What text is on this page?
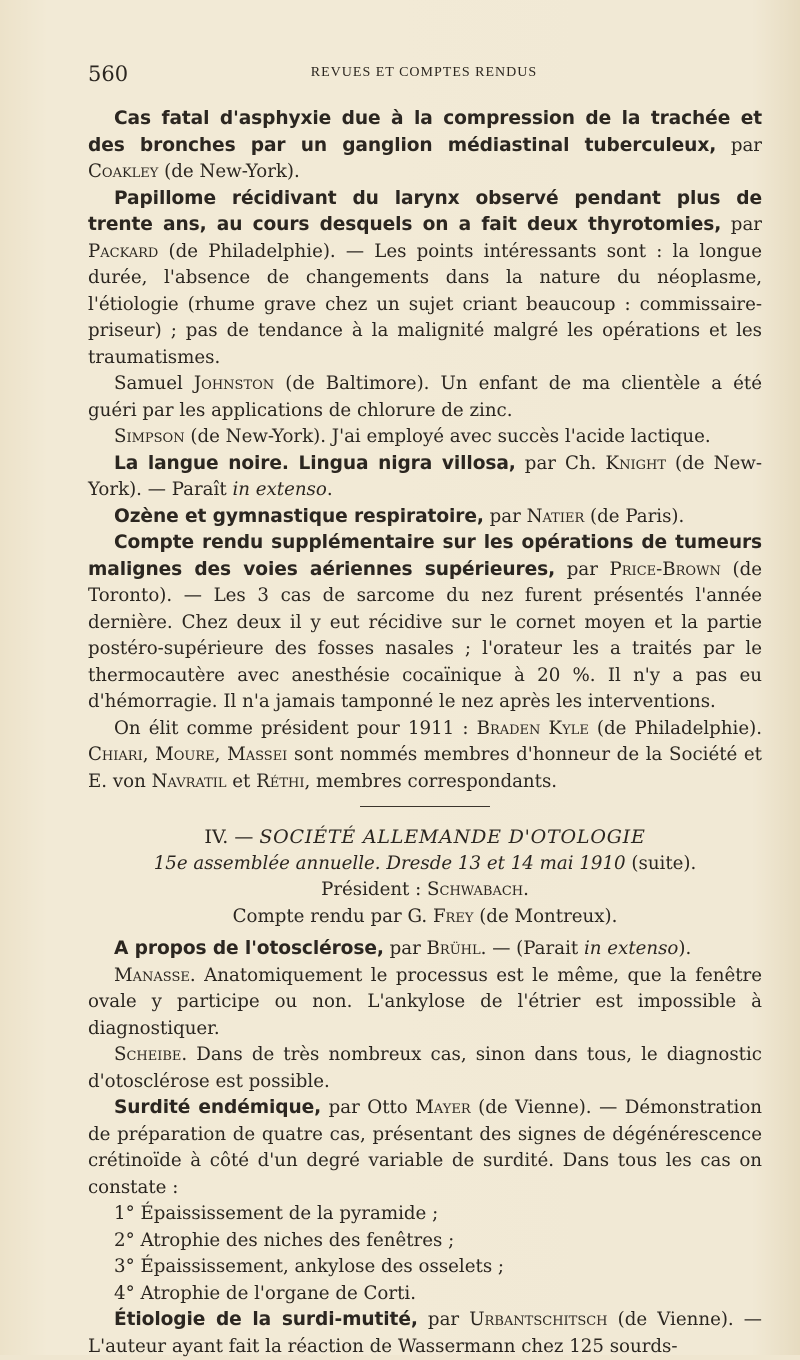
560	REVUES ET COMPTES RENDUS

Cas fatal d'asphyxie due à la compression de la trachée et des bronches par un ganglion médiastinal tuberculeux, par Coakley (de New-York).

Papillome récidivant du larynx observé pendant plus de trente ans, au cours desquels on a fait deux thyrotomies, par Packard (de Philadelphie). — Les points intéressants sont : la longue durée, l'absence de changements dans la nature du néoplasme, l'étiologie (rhume grave chez un sujet criant beaucoup : commissaire-priseur) ; pas de tendance à la malignité malgré les opérations et les traumatismes.

Samuel Johnston (de Baltimore). Un enfant de ma clientèle a été guéri par les applications de chlorure de zinc.

Simpson (de New-York). J'ai employé avec succès l'acide lactique.

La langue noire. Lingua nigra villosa, par Ch. Knight (de New-York). — Paraît in extenso.

Ozène et gymnastique respiratoire, par Natier (de Paris).

Compte rendu supplémentaire sur les opérations de tumeurs malignes des voies aériennes supérieures, par Price-Brown (de Toronto). — Les 3 cas de sarcome du nez furent présentés l'année dernière. Chez deux il y eut récidive sur le cornet moyen et la partie postéro-supérieure des fosses nasales ; l'orateur les a traités par le thermocautère avec anesthésie cocaïnique à 20 %. Il n'y a pas eu d'hémorragie. Il n'a jamais tamponné le nez après les interventions.

On élit comme président pour 1911 : Braden Kyle (de Philadelphie). Chiari, Moure, Massei sont nommés membres d'honneur de la Société et E. von Navratil et Réthi, membres correspondants.

IV. — SOCIÉTÉ ALLEMANDE D'OTOLOGIE

15e assemblée annuelle. Dresde 13 et 14 mai 1910 (suite).

Président : Schwabach.

Compte rendu par G. Frey (de Montreux).

A propos de l'otosclérose, par Brühl. — (Parait in extenso).

Manasse. Anatomiquement le processus est le même, que la fenêtre ovale y participe ou non. L'ankylose de l'étrier est impossible à diagnostiquer.

Scheibe. Dans de très nombreux cas, sinon dans tous, le diagnostic d'otosclérose est possible.

Surdité endémique, par Otto Mayer (de Vienne). — Démonstration de préparation de quatre cas, présentant des signes de dégénérescence crétinoïde à côté d'un degré variable de surdité. Dans tous les cas on constate :

1° Épaississement de la pyramide ;

2° Atrophie des niches des fenêtres ;

3° Épaississement, ankylose des osselets ;

4° Atrophie de l'organe de Corti.

Étiologie de la surdi-mutité, par Urbantschitsch (de Vienne). — L'auteur ayant fait la réaction de Wassermann chez 125 sourds-
